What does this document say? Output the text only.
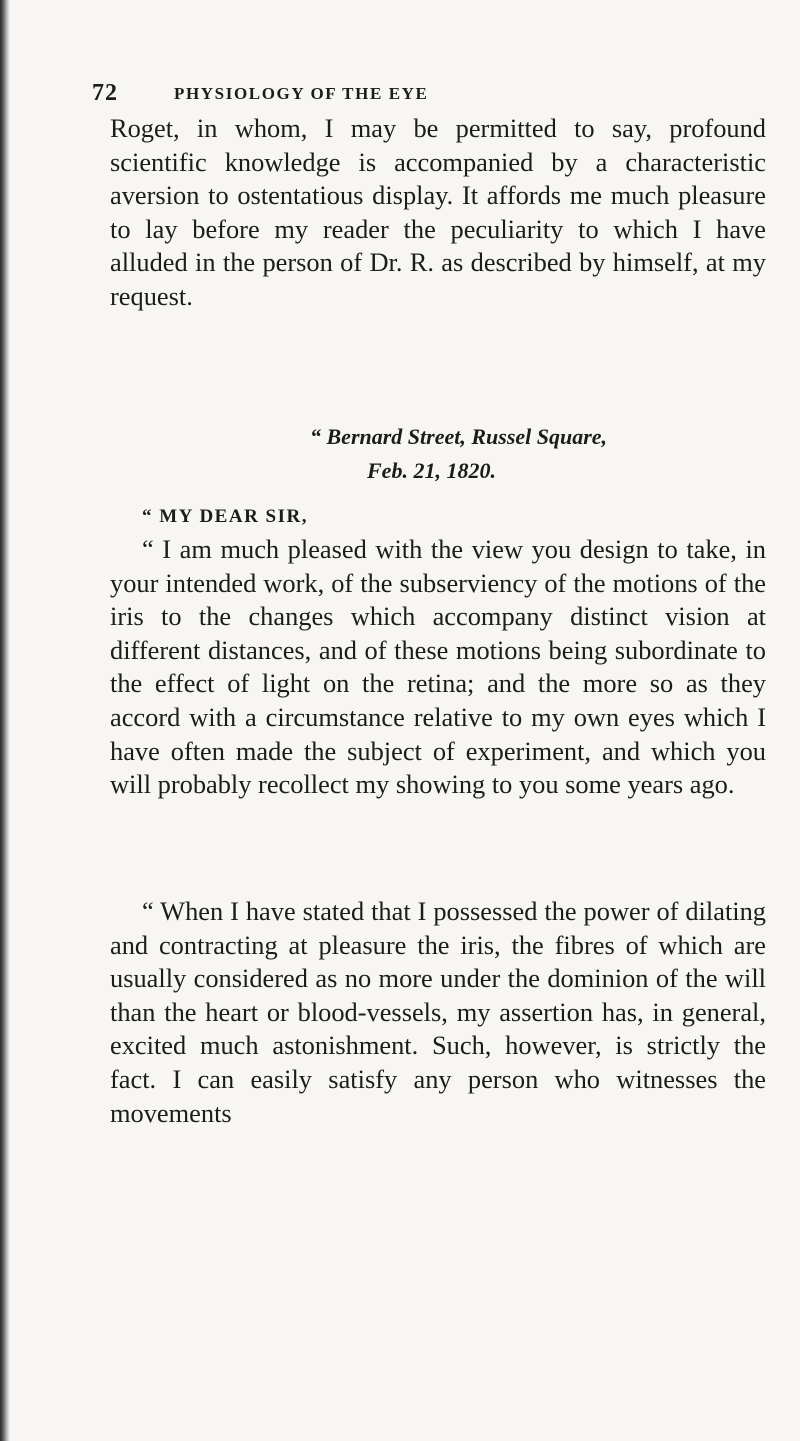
72	PHYSIOLOGY OF THE EYE

Roget, in whom, I may be permitted to say, profound scientific knowledge is accompanied by a characteristic aversion to ostentatious display. It affords me much pleasure to lay before my reader the peculiarity to which I have alluded in the person of Dr. R. as described by himself, at my request.

“ Bernard Street, Russel Square,

Feb. 21, 1820.

“ MY DEAR SIR,

“ I am much pleased with the view you design to take, in your intended work, of the subserviency of the motions of the iris to the changes which accompany distinct vision at different distances, and of these motions being subordinate to the effect of light on the retina; and the more so as they accord with a circumstance relative to my own eyes which I have often made the subject of experiment, and which you will probably recollect my showing to you some years ago.

“ When I have stated that I possessed the power of dilating and contracting at pleasure the iris, the fibres of which are usually considered as no more under the dominion of the will than the heart or blood-vessels, my assertion has, in general, excited much astonishment. Such, however, is strictly the fact. I can easily satisfy any person who witnesses the movements
